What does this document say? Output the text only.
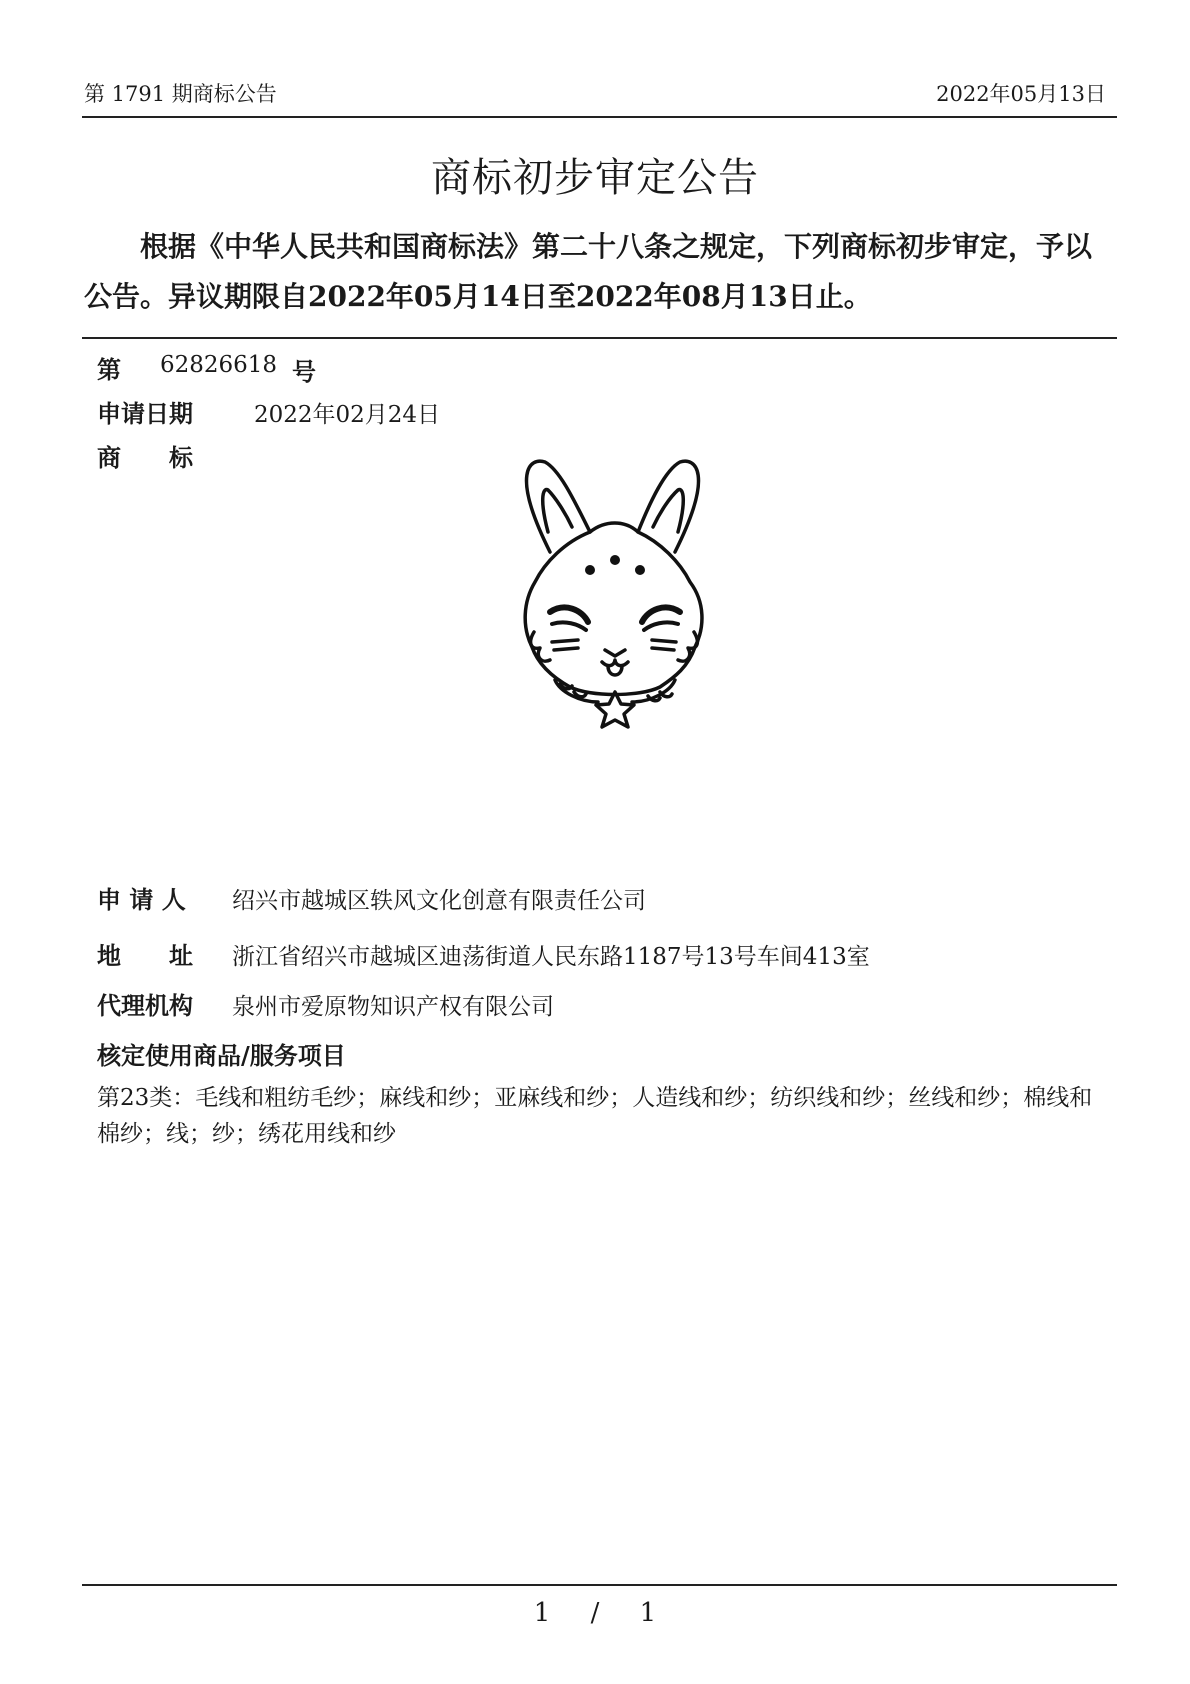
第 1791 期商标公告	2022年05月13日
商标初步审定公告
根据《中华人民共和国商标法》第二十八条之规定，下列商标初步审定，予以公告。异议期限自2022年05月14日至2022年08月13日止。
第 62826618 号
申请日期	2022年02月24日
商　　标
申 请 人 绍兴市越城区轶风文化创意有限责任公司
地　　址 浙江省绍兴市越城区迪荡街道人民东路1187号13号车间413室
代理机构 泉州市爱原物知识产权有限公司
核定使用商品/服务项目
第23类：毛线和粗纺毛纱；麻线和纱；亚麻线和纱；人造线和纱；纺织线和纱；丝线和纱；棉线和棉纱；线；纱；绣花用线和纱
1 / 1
